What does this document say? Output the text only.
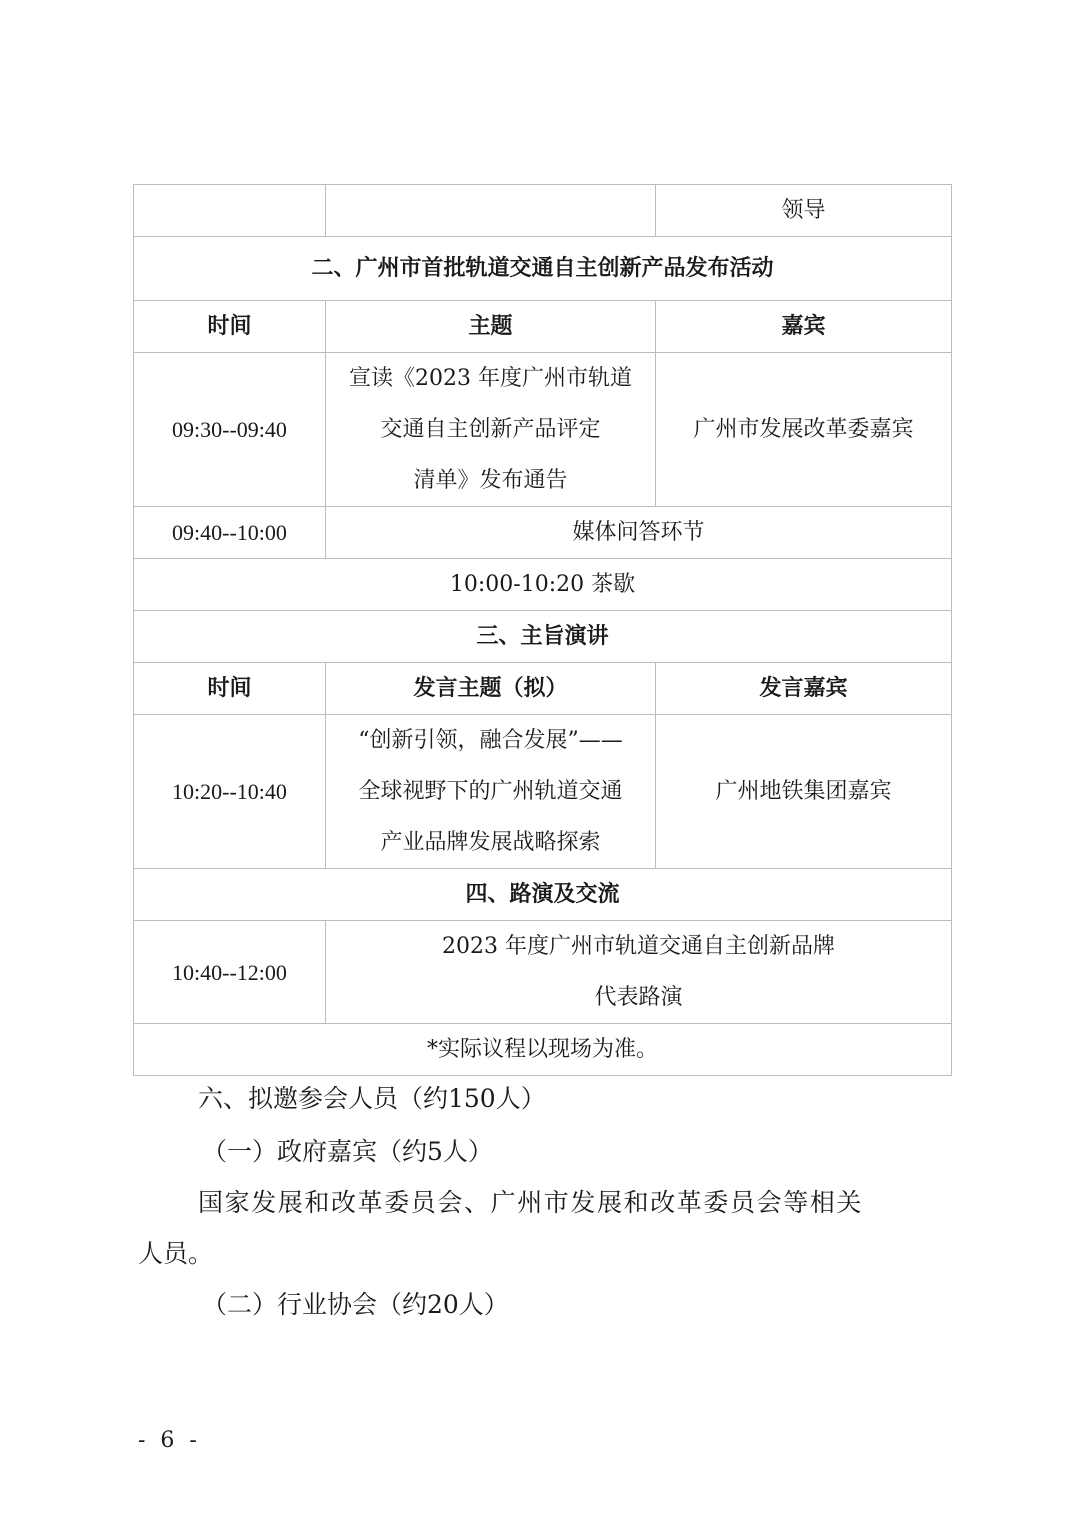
		领导
二、广州市首批轨道交通自主创新产品发布活动		
时间	主题	嘉宾
09:30--09:40	宣读《2023 年度广州市轨道
交通自主创新产品评定
清单》发布通告	广州市发展改革委嘉宾
09:40--10:00	媒体问答环节	
10:00-10:20 茶歇		
三、主旨演讲		
时间	发言主题（拟）	发言嘉宾
10:20--10:40	“创新引领，融合发展”——
全球视野下的广州轨道交通
产业品牌发展战略探索	广州地铁集团嘉宾
四、路演及交流		
10:40--12:00	2023 年度广州市轨道交通自主创新品牌
代表路演	

*实际议程以现场为准。		
六、拟邀参会人员（约150人）
（一）政府嘉宾（约5人）
国家发展和改革委员会、广州市发展和改革委员会等相关
人员。
（二）行业协会（约20人）
- 6 -
